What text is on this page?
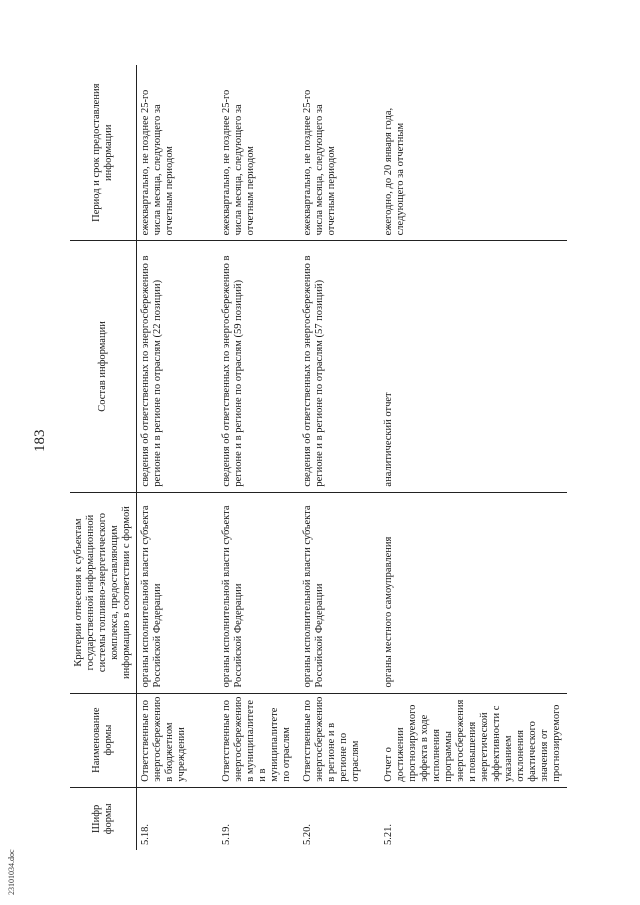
183
23101034.doc
Шифр формы	Наименование формы	Критерии отнесения к субъектам государственной информационной системы топливно-энергетического комплекса, предоставляющим информацию в соответствии с формой	Состав информации	Период и срок предоставления информации
5.18.	Ответственные по энергосбережению в бюджетном учреждении	органы исполнительной власти субъекта Российской Федерации	сведения об ответственных по энергосбережению в регионе и в регионе по отраслям (22 позиции)	ежеквартально, не позднее 25-го числа месяца, следующего за отчетным периодом
5.19.	Ответственные по энергосбережению в муниципалитете и в муниципалитете по отраслям	органы исполнительной власти субъекта Российской Федерации	сведения об ответственных по энергосбережению в регионе и в регионе по отраслям (59 позиций)	ежеквартально, не позднее 25-го числа месяца, следующего за отчетным периодом
5.20.	Ответственные по энергосбережению в регионе и в регионе по отраслям	органы исполнительной власти субъекта Российской Федерации	сведения об ответственных по энергосбережению в регионе и в регионе по отраслям (57 позиций)	ежеквартально, не позднее 25-го числа месяца, следующего за отчетным периодом
5.21.	Отчет о достижении прогнозируемого эффекта в ходе исполнения программы энергосбережения и повышения энергетической эффективности с указанием отклонения фактического значения от прогнозируемого	органы местного самоуправления	аналитический отчет	ежегодно, до 20 января года, следующего за отчетным
